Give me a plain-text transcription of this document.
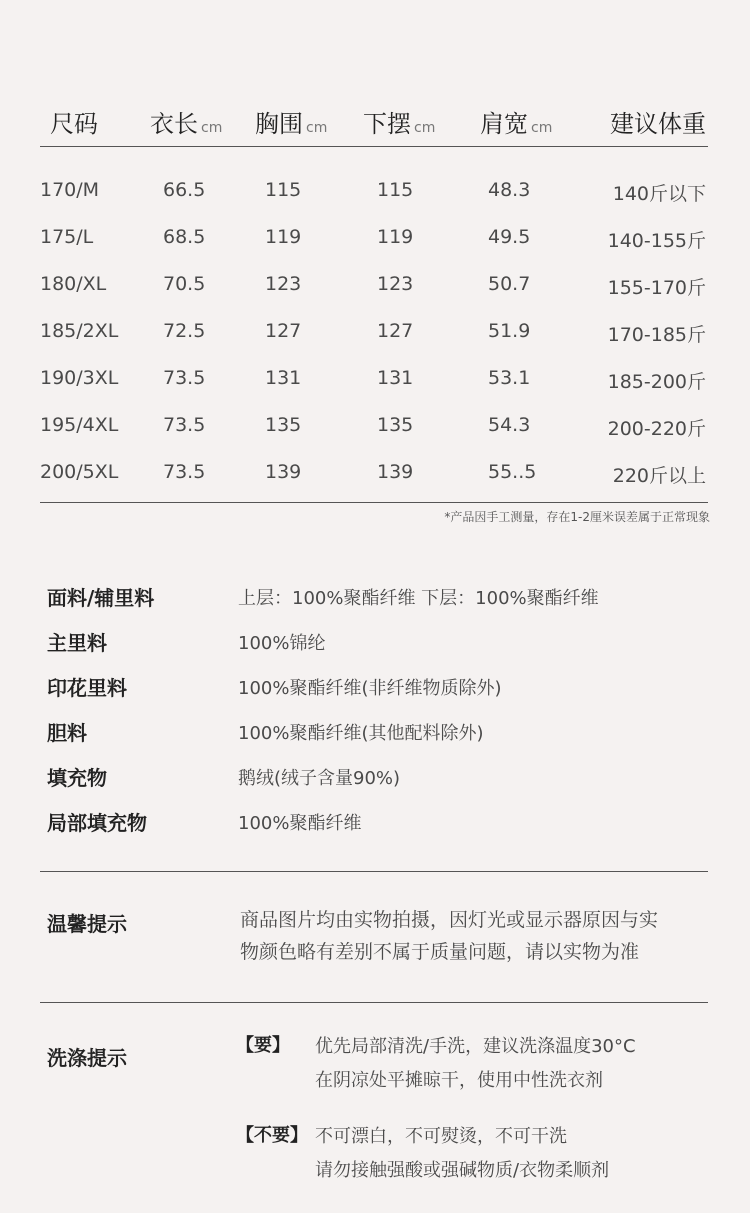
尺码 衣长 cm 胸围 cm 下摆 cm 肩宽 cm 建议体重
170/M	66.5	115	115	48.3	140斤以下
175/L	68.5	119	119	49.5	140-155斤
180/XL	70.5	123	123	50.7	155-170斤
185/2XL 72.5	127	127	51.9	170-185斤
190/3XL 73.5	131	131	53.1	185-200斤
195/4XL 73.5	135	135	54.3	200-220斤
200/5XL 73.5	139	139	55..5	220斤以上
*产品因手工测量，存在1-2厘米误差属于正常现象
面料/辅里料	上层：100%聚酯纤维 下层：100%聚酯纤维
主里料	100%锦纶
印花里料	100%聚酯纤维(非纤维物质除外)
胆料	100%聚酯纤维(其他配料除外)
填充物	鹅绒(绒子含量90%)
局部填充物	100%聚酯纤维
温馨提示	商品图片均由实物拍摄，因灯光或显示器原因与实
物颜色略有差别不属于质量问题，请以实物为准
洗涤提示
【要】 优先局部清洗/手洗，建议洗涤温度30°C
在阴凉处平摊晾干，使用中性洗衣剂
【不要】 不可漂白，不可熨烫，不可干洗
请勿接触强酸或强碱物质/衣物柔顺剂
